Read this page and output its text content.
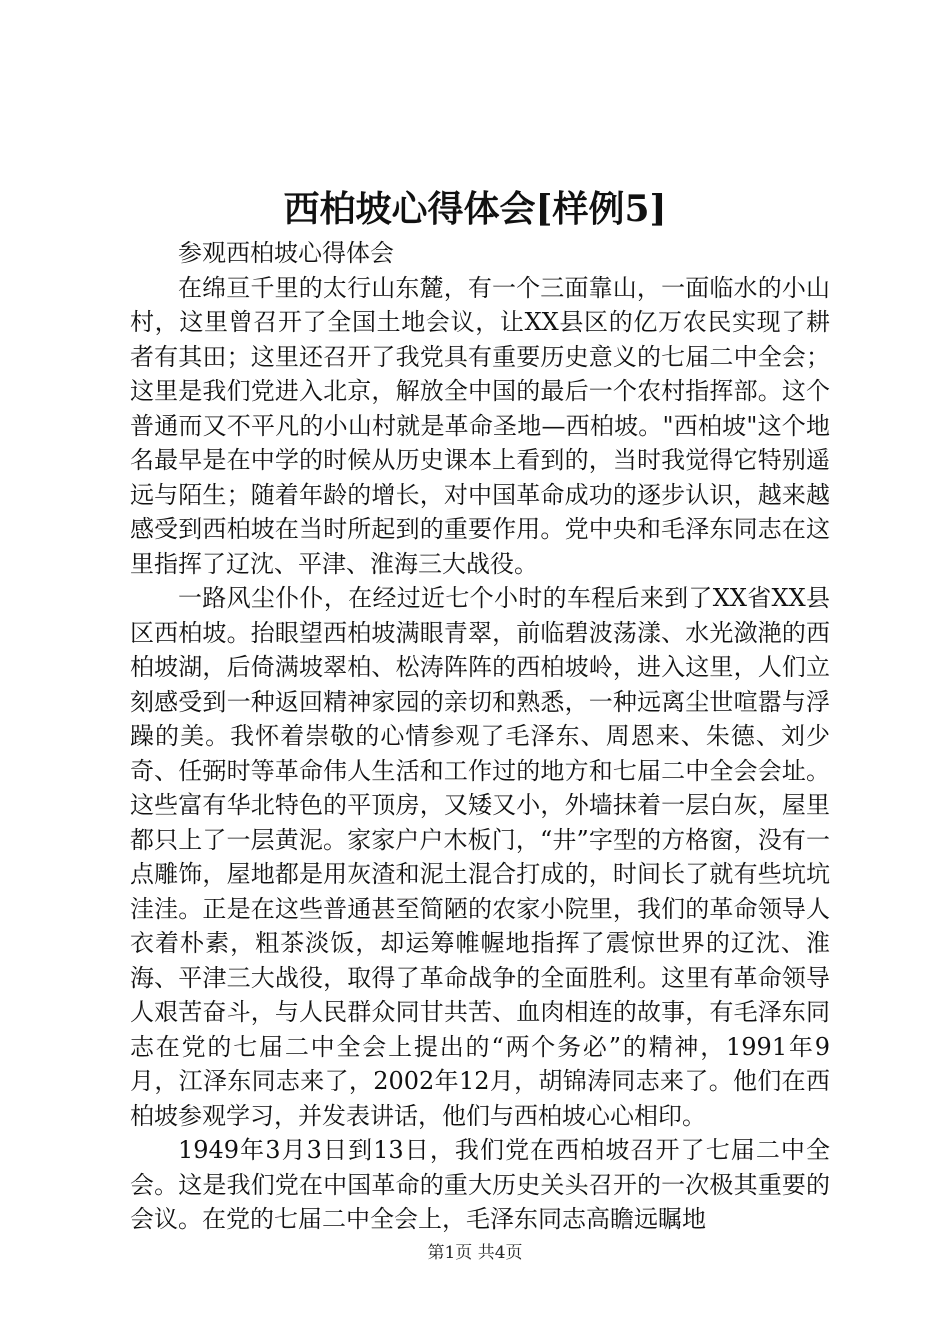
西柏坡心得体会[样例5]

参观西柏坡心得体会

在绵亘千里的太行山东麓，有一个三面靠山，一面临水的小山村，这里曾召开了全国土地会议，让XX县区的亿万农民实现了耕者有其田；这里还召开了我党具有重要历史意义的七届二中全会；这里是我们党进入北京，解放全中国的最后一个农村指挥部。这个普通而又不平凡的小山村就是革命圣地—西柏坡。"西柏坡"这个地名最早是在中学的时候从历史课本上看到的，当时我觉得它特别遥远与陌生；随着年龄的增长，对中国革命成功的逐步认识，越来越感受到西柏坡在当时所起到的重要作用。党中央和毛泽东同志在这里指挥了辽沈、平津、淮海三大战役。

一路风尘仆仆，在经过近七个小时的车程后来到了XX省XX县区西柏坡。抬眼望西柏坡满眼青翠，前临碧波荡漾、水光潋滟的西柏坡湖，后倚满坡翠柏、松涛阵阵的西柏坡岭，进入这里，人们立刻感受到一种返回精神家园的亲切和熟悉，一种远离尘世喧嚣与浮躁的美。我怀着崇敬的心情参观了毛泽东、周恩来、朱德、刘少奇、任弼时等革命伟人生活和工作过的地方和七届二中全会会址。这些富有华北特色的平顶房，又矮又小，外墙抹着一层白灰，屋里都只上了一层黄泥。家家户户木板门，“井”字型的方格窗，没有一点雕饰，屋地都是用灰渣和泥土混合打成的，时间长了就有些坑坑洼洼。正是在这些普通甚至简陋的农家小院里，我们的革命领导人衣着朴素，粗茶淡饭，却运筹帷幄地指挥了震惊世界的辽沈、淮海、平津三大战役，取得了革命战争的全面胜利。这里有革命领导人艰苦奋斗，与人民群众同甘共苦、血肉相连的故事，有毛泽东同志在党的七届二中全会上提出的“两个务必”的精神，1991年9月，江泽东同志来了，2002年12月，胡锦涛同志来了。他们在西柏坡参观学习，并发表讲话，他们与西柏坡心心相印。

1949年3月3日到13日，我们党在西柏坡召开了七届二中全会。这是我们党在中国革命的重大历史关头召开的一次极其重要的会议。在党的七届二中全会上，毛泽东同志高瞻远瞩地

第1页 共4页
